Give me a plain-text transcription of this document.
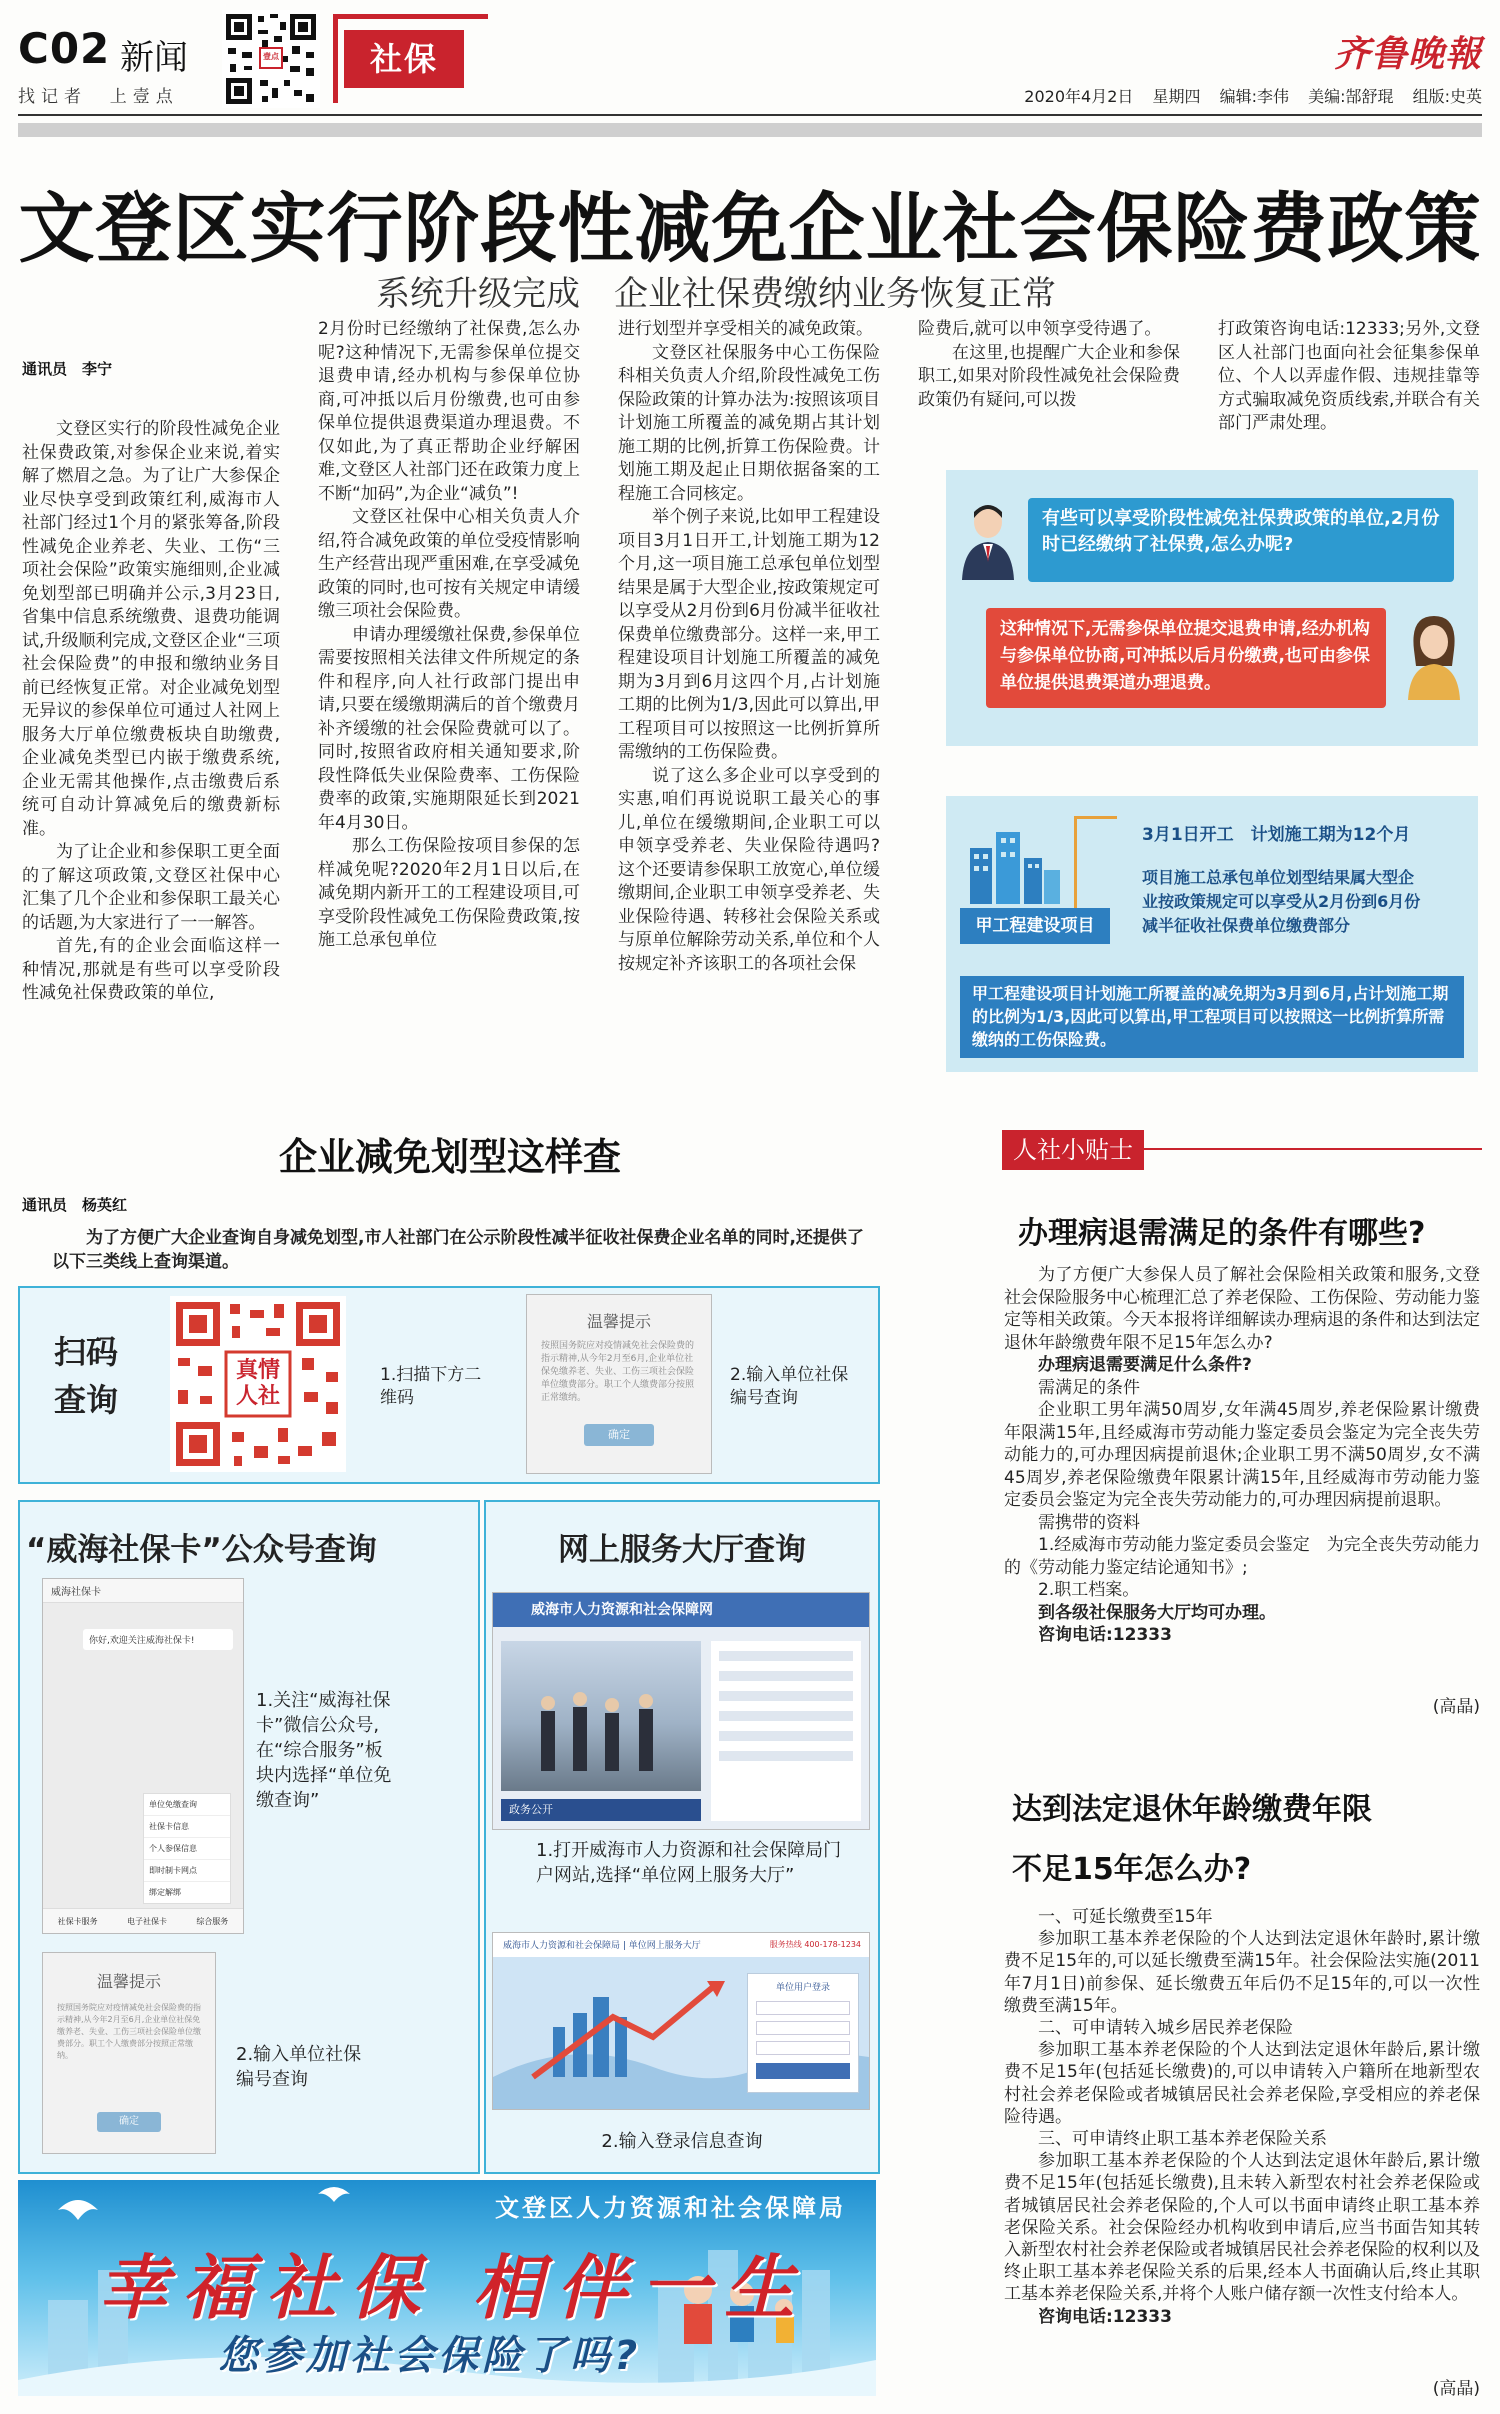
C02 新闻
找记者  上壹点
壹点	社保	齐鲁晚報
2020年4月2日 星期四 编辑:李伟 美编:郜舒琨 组版:史英
文登区实行阶段性减免企业社会保险费政策
系统升级完成　企业社保费缴纳业务恢复正常
通讯员　李宁

文登区实行的阶段性减免企业社保费政策,对参保企业来说,着实解了燃眉之急。为了让广大参保企业尽快享受到政策红利,威海市人社部门经过1个月的紧张筹备,阶段性减免企业养老、失业、工伤“三项社会保险”政策实施细则,企业减免划型部已明确并公示,3月23日,省集中信息系统缴费、退费功能调试,升级顺利完成,文登区企业“三项社会保险费”的申报和缴纳业务目前已经恢复正常。对企业减免划型无异议的参保单位可通过人社网上服务大厅单位缴费板块自助缴费,企业减免类型已内嵌于缴费系统,企业无需其他操作,点击缴费后系统可自动计算减免后的缴费新标准。

为了让企业和参保职工更全面的了解这项政策,文登区社保中心汇集了几个企业和参保职工最关心的话题,为大家进行了一一解答。

首先,有的企业会面临这样一种情况,那就是有些可以享受阶段性减免社保费政策的单位,

2月份时已经缴纳了社保费,怎么办呢?这种情况下,无需参保单位提交退费申请,经办机构与参保单位协商,可冲抵以后月份缴费,也可由参保单位提供退费渠道办理退费。不仅如此,为了真正帮助企业纾解困难,文登区人社部门还在政策力度上不断“加码”,为企业“减负”!

文登区社保中心相关负责人介绍,符合减免政策的单位受疫情影响生产经营出现严重困难,在享受减免政策的同时,也可按有关规定申请缓缴三项社会保险费。

申请办理缓缴社保费,参保单位需要按照相关法律文件所规定的条件和程序,向人社行政部门提出申请,只要在缓缴期满后的首个缴费月补齐缓缴的社会保险费就可以了。同时,按照省政府相关通知要求,阶段性降低失业保险费率、工伤保险费率的政策,实施期限延长到2021年4月30日。

那么工伤保险按项目参保的怎样减免呢?2020年2月1日以后,在减免期内新开工的工程建设项目,可享受阶段性减免工伤保险费政策,按施工总承包单位

进行划型并享受相关的减免政策。

文登区社保服务中心工伤保险科相关负责人介绍,阶段性减免工伤保险政策的计算办法为:按照该项目计划施工所覆盖的减免期占其计划施工期的比例,折算工伤保险费。计划施工期及起止日期依据备案的工程施工合同核定。

举个例子来说,比如甲工程建设项目3月1日开工,计划施工期为12个月,这一项目施工总承包单位划型结果是属于大型企业,按政策规定可以享受从2月份到6月份减半征收社保费单位缴费部分。这样一来,甲工程建设项目计划施工所覆盖的减免期为3月到6月这四个月,占计划施工期的比例为1/3,因此可以算出,甲工程项目可以按照这一比例折算所需缴纳的工伤保险费。

说了这么多企业可以享受到的实惠,咱们再说说职工最关心的事儿,单位在缓缴期间,企业职工可以申领享受养老、失业保险待遇吗?这个还要请参保职工放宽心,单位缓缴期间,企业职工申领享受养老、失业保险待遇、转移社会保险关系或与原单位解除劳动关系,单位和个人按规定补齐该职工的各项社会保

险费后,就可以申领享受待遇了。

在这里,也提醒广大企业和参保职工,如果对阶段性减免社会保险费政策仍有疑问,可以拨

打政策咨询电话:12333;另外,文登区人社部门也面向社会征集参保单位、个人以弄虚作假、违规挂靠等方式骗取减免资质线索,并联合有关部门严肃处理。

有些可以享受阶段性减免社保费政策的单位,2月份时已经缴纳了社保费,怎么办呢?
这种情况下,无需参保单位提交退费申请,经办机构与参保单位协商,可冲抵以后月份缴费,也可由参保单位提供退费渠道办理退费。
甲工程建设项目
3月1日开工　计划施工期为12个月
项目施工总承包单位划型结果属大型企业按政策规定可以享受从2月份到6月份减半征收社保费单位缴费部分
甲工程建设项目计划施工所覆盖的减免期为3月到6月,占计划施工期的比例为1/3,因此可以算出,甲工程项目可以按照这一比例折算所需缴纳的工伤保险费。
企业减免划型这样查
通讯员　杨英红
为了方便广大企业查询自身减免划型,市人社部门在公示阶段性减半征收社保费企业名单的同时,还提供了以下三类线上查询渠道。
扫码查询
真情人社
1.扫描下方二维码
温馨提示
按照国务院应对疫情减免社会保险费的指示精神,从今年2月至6月,企业单位社保免缴养老、失业、工伤三项社会保险单位缴费部分。职工个人缴费部分按照正常缴纳。
确定
2.输入单位社保编号查询
“威海社保卡”公众号查询
威海社保卡
你好,欢迎关注威海社保卡!
单位免缴查询
社保卡信息
个人参保信息
即时制卡网点
绑定解绑
社保卡服务	电子社保卡	综合服务
1.关注“威海社保卡”微信公众号,在“综合服务”板块内选择“单位免缴查询”
温馨提示
按照国务院应对疫情减免社会保险费的指示精神,从今年2月至6月,企业单位社保免缴养老、失业、工伤三项社会保险单位缴费部分。职工个人缴费部分按照正常缴纳。
确定
2.输入单位社保编号查询
网上服务大厅查询
威海市人力资源和社会保障网
政务公开
1.打开威海市人力资源和社会保障局门户网站,选择“单位网上服务大厅”
威海市人力资源和社会保障局 | 单位网上服务大厅	服务热线 400-178-1234
单位用户登录
2.输入登录信息查询
文登区人力资源和社会保障局
幸福社保 相伴一生
您参加社会保险了吗?
人社小贴士
办理病退需满足的条件有哪些?

为了方便广大参保人员了解社会保险相关政策和服务,文登社会保险服务中心梳理汇总了养老保险、工伤保险、劳动能力鉴定等相关政策。今天本报将详细解读办理病退的条件和达到法定退休年龄缴费年限不足15年怎么办?

办理病退需要满足什么条件?

需满足的条件

企业职工男年满50周岁,女年满45周岁,养老保险累计缴费年限满15年,且经威海市劳动能力鉴定委员会鉴定为完全丧失劳动能力的,可办理因病提前退休;企业职工男不满50周岁,女不满45周岁,养老保险缴费年限累计满15年,且经威海市劳动能力鉴定委员会鉴定为完全丧失劳动能力的,可办理因病提前退职。

需携带的资料

1.经威海市劳动能力鉴定委员会鉴定　为完全丧失劳动能力的《劳动能力鉴定结论通知书》;

2.职工档案。

到各级社保服务大厅均可办理。

咨询电话:12333

(高晶)
达到法定退休年龄缴费年限
不足15年怎么办?

一、可延长缴费至15年

参加职工基本养老保险的个人达到法定退休年龄时,累计缴费不足15年的,可以延长缴费至满15年。社会保险法实施(2011年7月1日)前参保、延长缴费五年后仍不足15年的,可以一次性缴费至满15年。

二、可申请转入城乡居民养老保险

参加职工基本养老保险的个人达到法定退休年龄后,累计缴费不足15年(包括延长缴费)的,可以申请转入户籍所在地新型农村社会养老保险或者城镇居民社会养老保险,享受相应的养老保险待遇。

三、可申请终止职工基本养老保险关系

参加职工基本养老保险的个人达到法定退休年龄后,累计缴费不足15年(包括延长缴费),且未转入新型农村社会养老保险或者城镇居民社会养老保险的,个人可以书面申请终止职工基本养老保险关系。社会保险经办机构收到申请后,应当书面告知其转入新型农村社会养老保险或者城镇居民社会养老保险的权利以及终止职工基本养老保险关系的后果,经本人书面确认后,终止其职工基本养老保险关系,并将个人账户储存额一次性支付给本人。

咨询电话:12333

(高晶)
